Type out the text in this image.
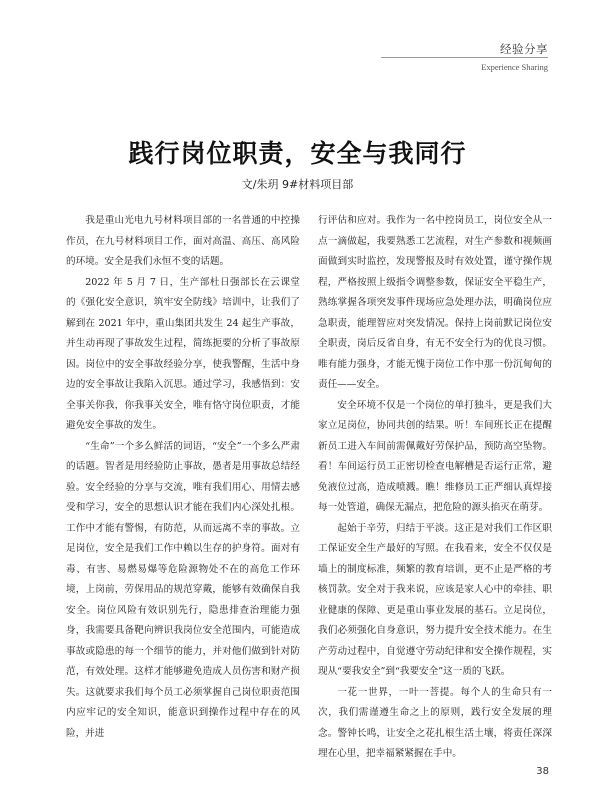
经验分享
Experience Sharing
践行岗位职责，安全与我同行
文/朱玥 9#材料项目部

我是重山光电九号材料项目部的一名普通的中控操作员，在九号材料项目工作，面对高温、高压、高风险的环境。安全是我们永恒不变的话题。

2022 年 5 月 7 日，生产部杜日强部长在云课堂的《强化安全意识，筑牢安全防线》培训中，让我们了解到在 2021 年中，重山集团共发生 24 起生产事故，并生动再现了事故发生过程，简练扼要的分析了事故原因。岗位中的安全事故经验分享，使我警醒，生活中身边的安全事故让我陷入沉思。通过学习，我感悟到：安全事关你我，你我事关安全，唯有恪守岗位职责，才能避免安全事故的发生。

“生命”一个多么鲜活的词语，“安全”一个多么严肃的话题。智者是用经验防止事故，愚者是用事故总结经验。安全经验的分享与交流，唯有我们用心、用情去感受和学习，安全的思想认识才能在我们内心深处扎根。工作中才能有警惕，有防范，从而远离不幸的事故。立足岗位，安全是我们工作中赖以生存的护身符。面对有毒、有害、易燃易爆等危险源物处不在的高危工作环境，上岗前，劳保用品的规范穿戴，能够有效确保自我安全。岗位风险有效识别先行，隐患排查治理能力强身，我需要具备靶向辨识我岗位安全范围内，可能造成事故或隐患的每一个细节的能力，并对他们做到针对防范，有效处理。这样才能够避免造成人员伤害和财产损失。这就要求我们每个员工必须掌握自己岗位职责范围内应牢记的安全知识，能意识到操作过程中存在的风险，并进

行评估和应对。我作为一名中控岗员工，岗位安全从一点一滴做起，我要熟悉工艺流程，对生产参数和视频画面做到实时监控，发现警报及时有效处置，谨守操作规程，严格按照上级指令调整参数，保证安全平稳生产，熟练掌握各项突发事件现场应急处理办法，明确岗位应急职责，能理智应对突发情况。保持上岗前默记岗位安全职责，岗后反省自身，有无不安全行为的优良习惯。唯有能力强身，才能无愧于岗位工作中那一份沉甸甸的责任——安全。

安全环境不仅是一个岗位的单打独斗，更是我们大家立足岗位，协同共创的结果。听！车间班长正在提醒新员工进入车间前需佩戴好劳保护品，预防高空坠物。看！车间运行员工正密切检查电解槽是否运行正常，避免液位过高，造成喷溅。瞧！维修员工正严细认真焊接每一处管道，确保无漏点，把危险的源头掐灭在萌芽。

起始于辛劳，归结于平淡。这正是对我们工作区职工保证安全生产最好的写照。在我看来，安全不仅仅是墙上的制度标准，频繁的教育培训，更不止是严格的考核罚款。安全对于我来说，应该是家人心中的牵挂、职业健康的保障、更是重山事业发展的基石。立足岗位，我们必须强化自身意识，努力提升安全技术能力。在生产劳动过程中，自觉遵守劳动纪律和安全操作规程，实现从“要我安全”到“我要安全”这一质的飞跃。

一花一世界，一叶一菩提。每个人的生命只有一次，我们需谨遵生命之上的原则，践行安全发展的理念。警钟长鸣，让安全之花扎根生活土壤，将责任深深埋在心里，把幸福紧紧握在手中。

38
